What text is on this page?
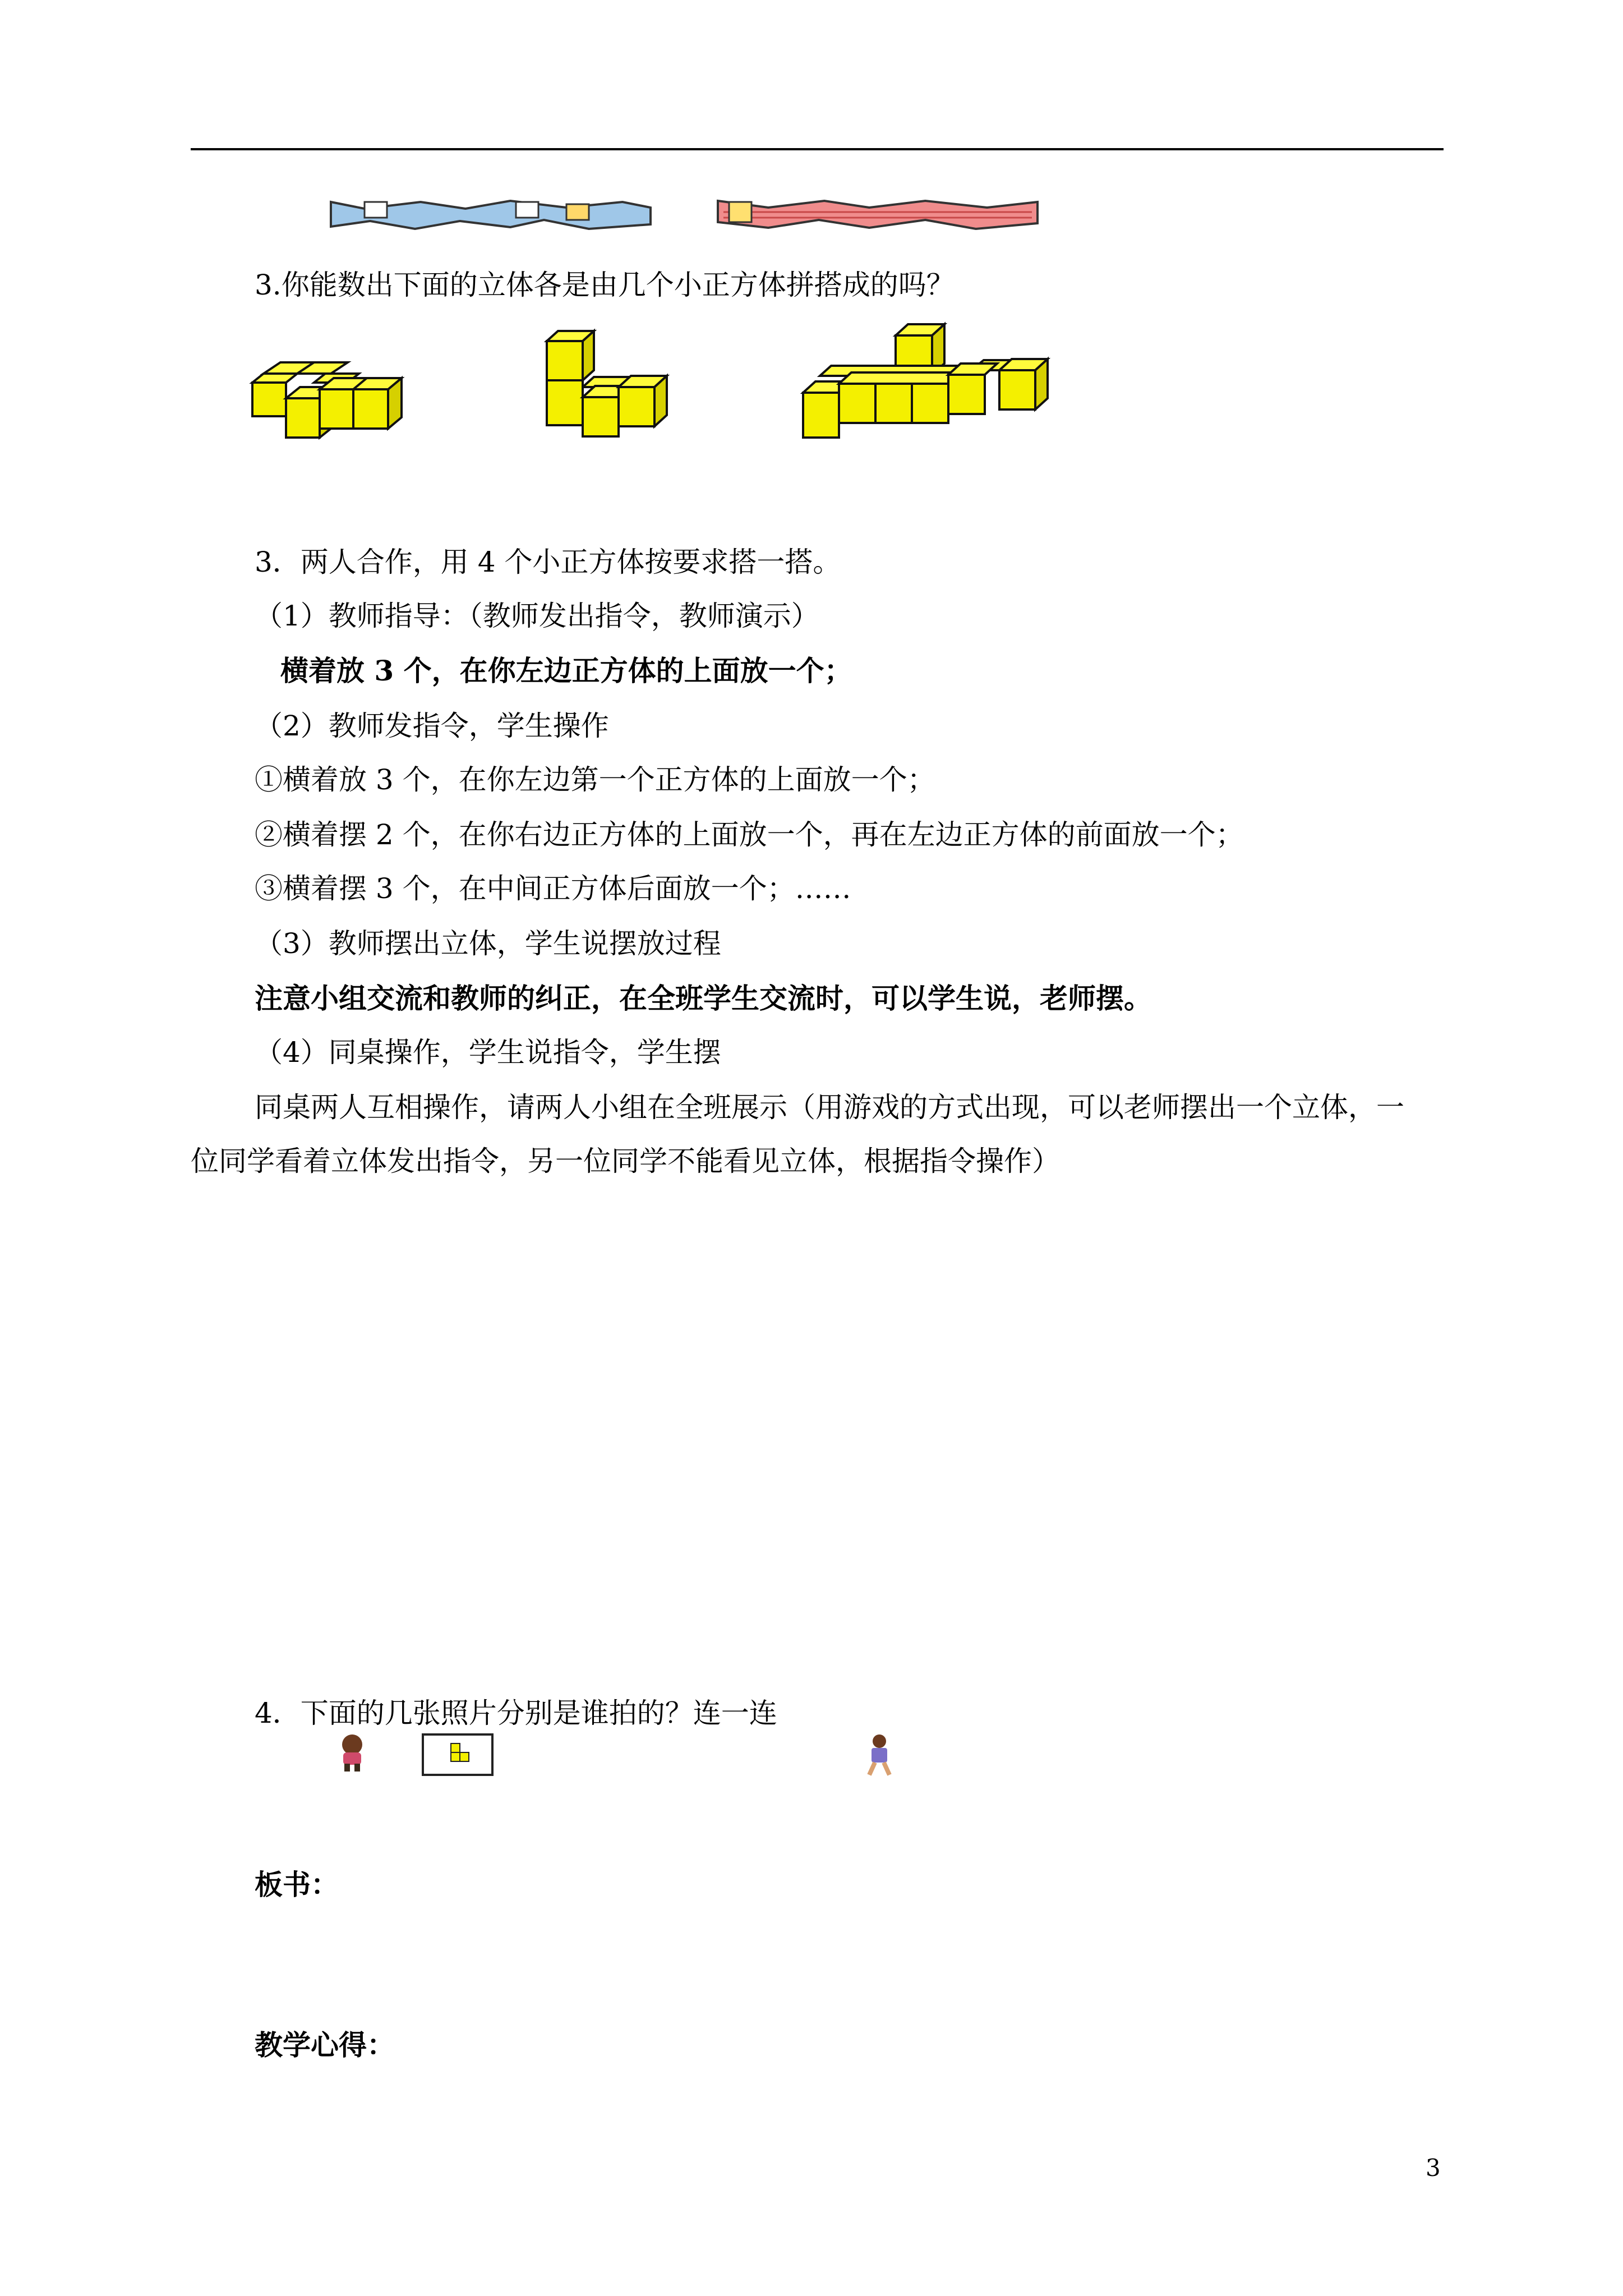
3.你能数出下面的立体各是由几个小正方体拼搭成的吗？
3．两人合作，用 4 个小正方体按要求搭一搭。
（1）教师指导：（教师发出指令，教师演示）
横着放 3 个，在你左边正方体的上面放一个；
（2）教师发指令，学生操作
①横着放 3 个，在你左边第一个正方体的上面放一个；
②横着摆 2 个，在你右边正方体的上面放一个，再在左边正方体的前面放一个；
③横着摆 3 个，在中间正方体后面放一个；……
（3）教师摆出立体，学生说摆放过程
注意小组交流和教师的纠正，在全班学生交流时，可以学生说，老师摆。
（4）同桌操作，学生说指令，学生摆
同桌两人互相操作，请两人小组在全班展示（用游戏的方式出现，可以老师摆出一个立体，一
位同学看着立体发出指令，另一位同学不能看见立体，根据指令操作）
4．下面的几张照片分别是谁拍的？连一连
板书：
教学心得：
3
